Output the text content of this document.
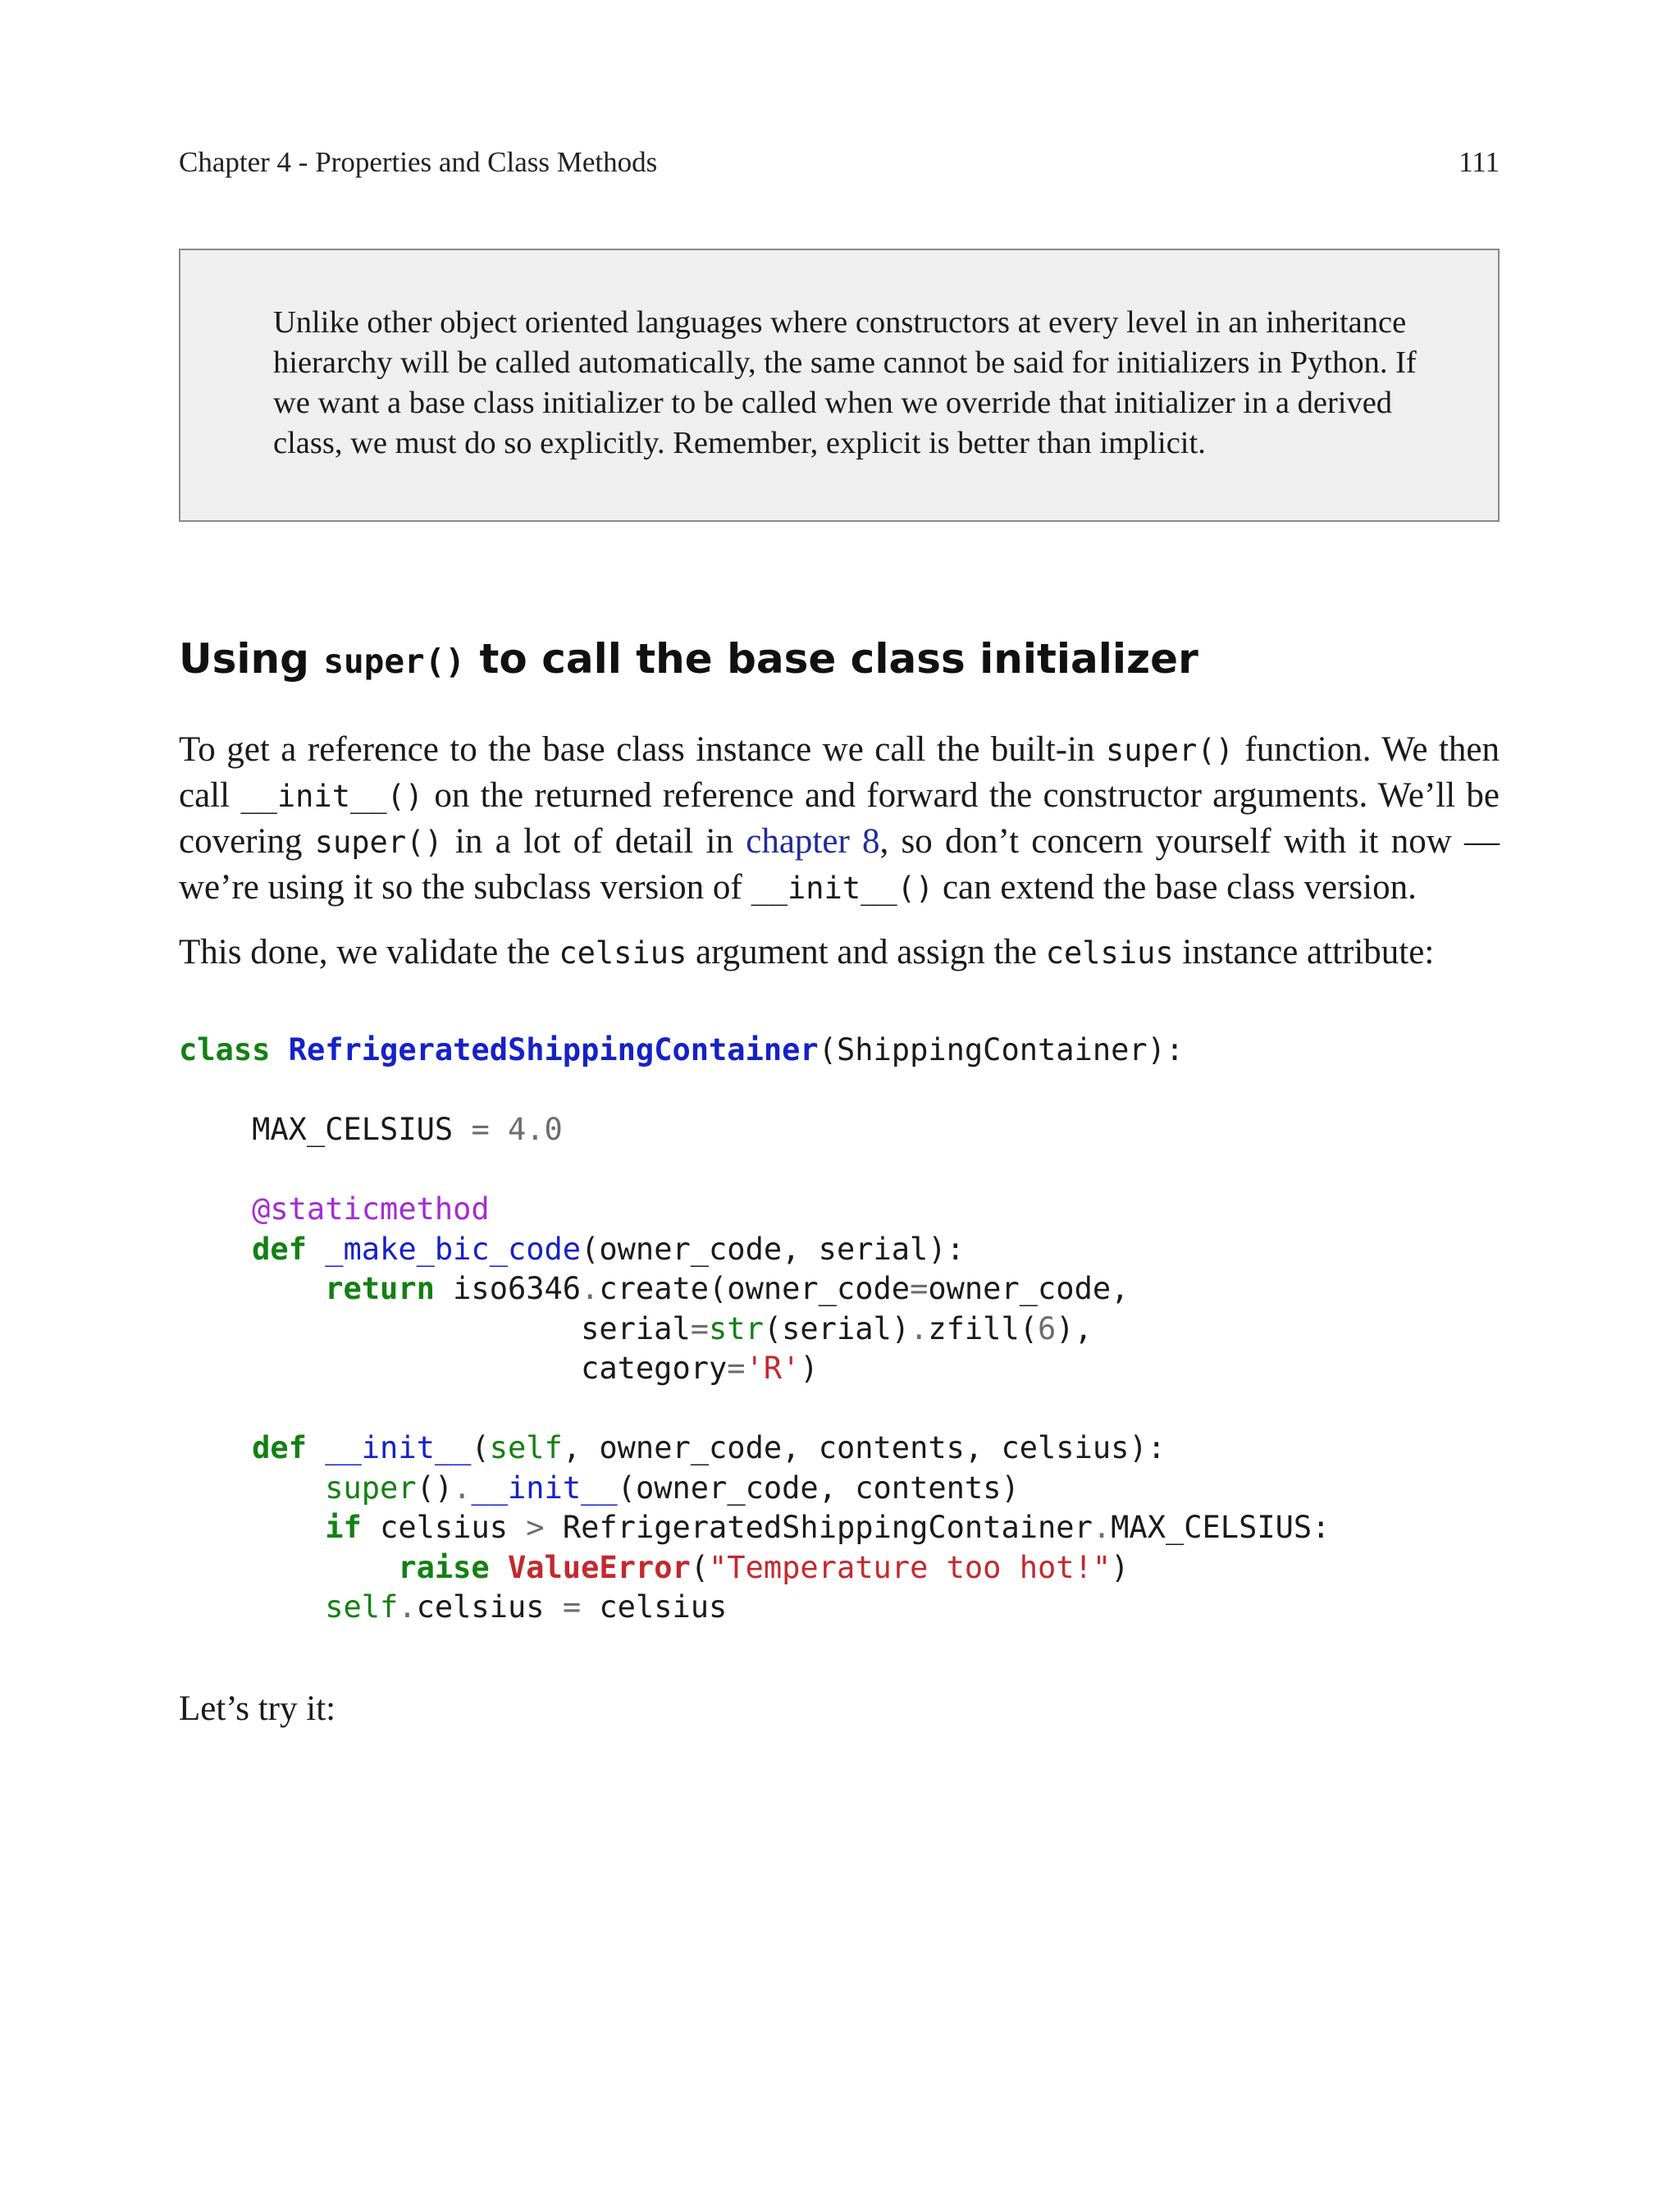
Chapter 4 - Properties and Class Methods	111

Unlike other object oriented languages where constructors at every level in an inheritance hierarchy will be called automatically, the same cannot be said for initializers in Python. If we want a base class initializer to be called when we override that initializer in a derived class, we must do so explicitly. Remember, explicit is better than implicit.

Using super() to call the base class initializer

To get a reference to the base class instance we call the built-in super() function. We then call __init__() on the returned reference and forward the constructor arguments. We’ll be covering super() in a lot of detail in chapter 8, so don’t concern yourself with it now — we’re using it so the subclass version of __init__() can extend the base class version.

This done, we validate the celsius argument and assign the celsius instance attribute:

class RefrigeratedShippingContainer(ShippingContainer):

MAX_CELSIUS = 4.0

@staticmethod
def _make_bic_code(owner_code, serial):
return iso6346.create(owner_code=owner_code,
serial=str(serial).zfill(6),
category='R')

def __init__(self, owner_code, contents, celsius):
super().__init__(owner_code, contents)
if celsius > RefrigeratedShippingContainer.MAX_CELSIUS:
raise ValueError("Temperature too hot!")
self.celsius = celsius

Let’s try it:
